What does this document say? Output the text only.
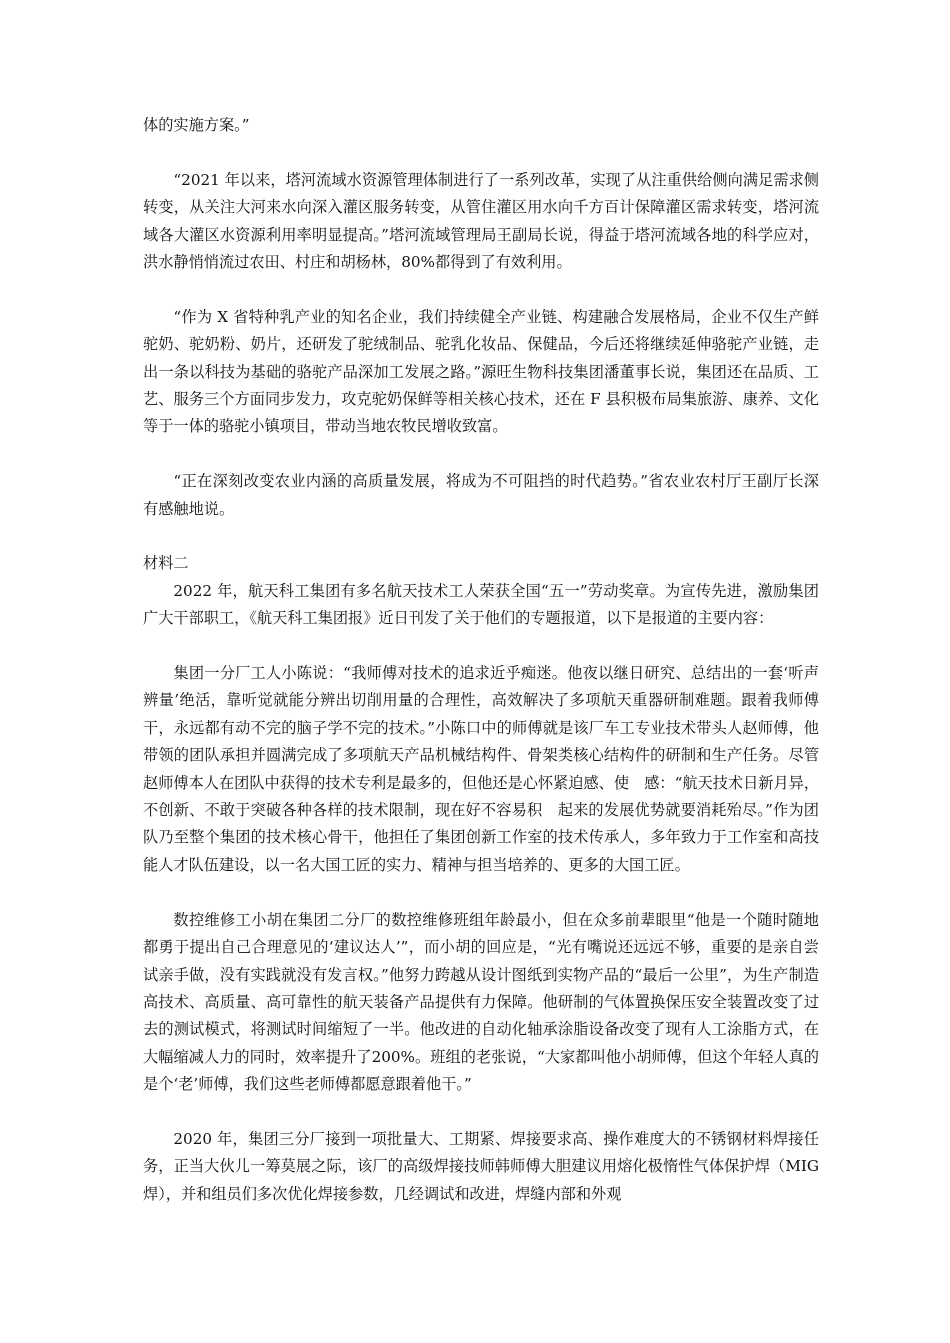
体的实施方案。”

“2021 年以来，塔河流域水资源管理体制进行了一系列改革，实现了从注重供给侧向满足需求侧转变，从关注大河来水向深入灌区服务转变，从管住灌区用水向千方百计保障灌区需求转变，塔河流域各大灌区水资源利用率明显提高。”塔河流域管理局王副局长说，得益于塔河流域各地的科学应对，洪水静悄悄流过农田、村庄和胡杨林，80%都得到了有效利用。

“作为 X 省特种乳产业的知名企业，我们持续健全产业链、构建融合发展格局，企业不仅生产鲜驼奶、驼奶粉、奶片，还研发了驼绒制品、驼乳化妆品、保健品，今后还将继续延伸骆驼产业链，走出一条以科技为基础的骆驼产品深加工发展之路。”源旺生物科技集团潘董事长说，集团还在品质、工艺、服务三个方面同步发力，攻克驼奶保鲜等相关核心技术，还在 F 县积极布局集旅游、康养、文化等于一体的骆驼小镇项目，带动当地农牧民增收致富。

“正在深刻改变农业内涵的高质量发展，将成为不可阻挡的时代趋势。”省农业农村厅王副厅长深有感触地说。

材料二

2022 年，航天科工集团有多名航天技术工人荣获全国“五一”劳动奖章。为宣传先进，激励集团广大干部职工，《航天科工集团报》近日刊发了关于他们的专题报道，以下是报道的主要内容：

集团一分厂工人小陈说：“我师傅对技术的追求近乎痴迷。他夜以继日研究、总结出的一套‘听声辨量’绝活，靠听觉就能分辨出切削用量的合理性，高效解决了多项航天重器研制难题。跟着我师傅干，永远都有动不完的脑子学不完的技术。”小陈口中的师傅就是该厂车工专业技术带头人赵师傅，他带领的团队承担并圆满完成了多项航天产品机械结构件、骨架类核心结构件的研制和生产任务。尽管赵师傅本人在团队中获得的技术专利是最多的，但他还是心怀紧迫感、使　感：“航天技术日新月异，不创新、不敢于突破各种各样的技术限制，现在好不容易积　起来的发展优势就要消耗殆尽。”作为团队乃至整个集团的技术核心骨干，他担任了集团创新工作室的技术传承人，多年致力于工作室和高技能人才队伍建设，以一名大国工匠的实力、精神与担当培养的、更多的大国工匠。

数控维修工小胡在集团二分厂的数控维修班组年龄最小，但在众多前辈眼里“他是一个随时随地都勇于提出自己合理意见的‘建议达人’”，而小胡的回应是，“光有嘴说还远远不够，重要的是亲自尝试亲手做，没有实践就没有发言权。”他努力跨越从设计图纸到实物产品的“最后一公里”，为生产制造高技术、高质量、高可靠性的航天装备产品提供有力保障。他研制的气体置换保压安全装置改变了过去的测试模式，将测试时间缩短了一半。他改进的自动化轴承涂脂设备改变了现有人工涂脂方式，在大幅缩减人力的同时，效率提升了200%。班组的老张说，“大家都叫他小胡师傅，但这个年轻人真的是个‘老’师傅，我们这些老师傅都愿意跟着他干。”

2020 年，集团三分厂接到一项批量大、工期紧、焊接要求高、操作难度大的不锈钢材料焊接任务，正当大伙儿一筹莫展之际，该厂的高级焊接技师韩师傅大胆建议用熔化极惰性气体保护焊（MIG 焊），并和组员们多次优化焊接参数，几经调试和改进，焊缝内部和外观
